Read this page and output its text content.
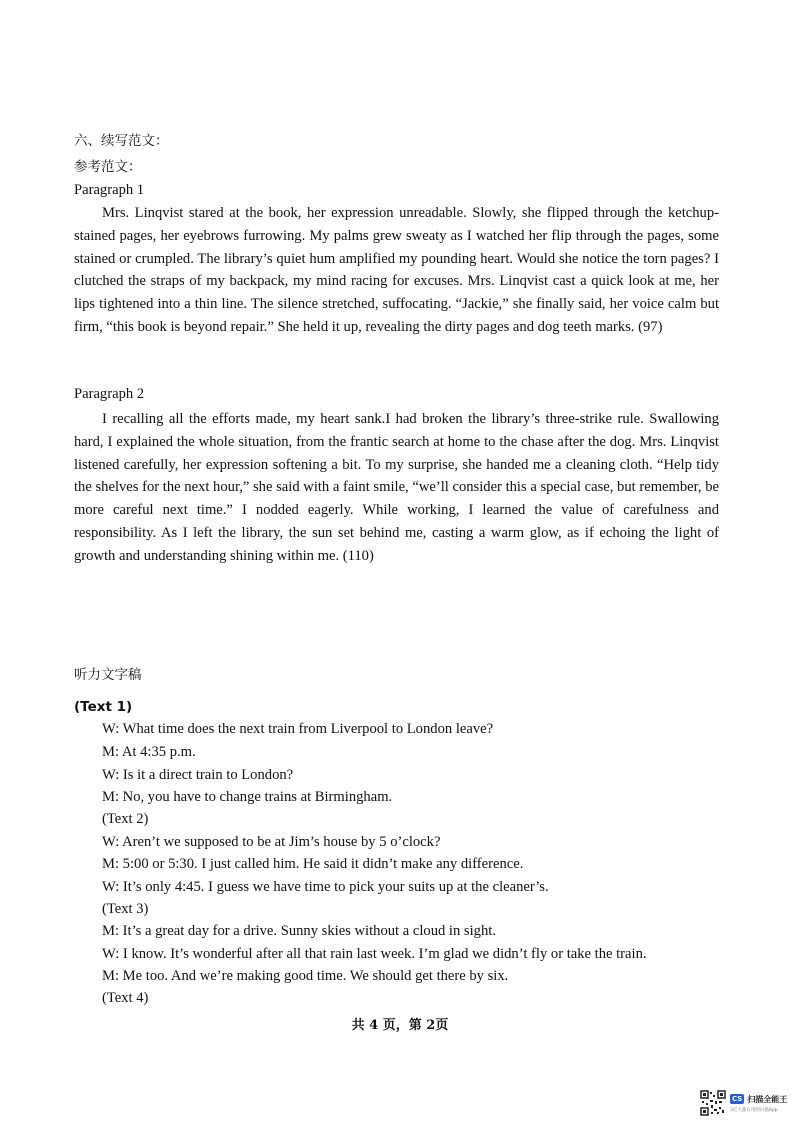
六、续写范文：
参考范文：
Paragraph 1

Mrs. Linqvist stared at the book, her expression unreadable. Slowly, she flipped through the ketchup-stained pages, her eyebrows furrowing. My palms grew sweaty as I watched her flip through the pages, some stained or crumpled. The library’s quiet hum amplified my pounding heart. Would she notice the torn pages? I clutched the straps of my backpack, my mind racing for excuses. Mrs. Linqvist cast a quick look at me, her lips tightened into a thin line. The silence stretched, suffocating. “Jackie,” she finally said, her voice calm but firm, “this book is beyond repair.” She held it up, revealing the dirty pages and dog teeth marks. (97)

Paragraph 2

I recalling all the efforts made, my heart sank.I had broken the library’s three-strike rule. Swallowing hard, I explained the whole situation, from the frantic search at home to the chase after the dog. Mrs. Linqvist listened carefully, her expression softening a bit. To my surprise, she handed me a cleaning cloth. “Help tidy the shelves for the next hour,” she said with a faint smile, “we’ll consider this a special case, but remember, be more careful next time.” I nodded eagerly. While working, I learned the value of carefulness and responsibility. As I left the library, the sun set behind me, casting a warm glow, as if echoing the light of growth and understanding shining within me. (110)

听力文字稿
(Text 1)
W: What time does the next train from Liverpool to London leave?
M: At 4:35 p.m.
W: Is it a direct train to London?
M: No, you have to change trains at Birmingham.
(Text 2)
W: Aren’t we supposed to be at Jim’s house by 5 o’clock?
M: 5:00 or 5:30. I just called him. He said it didn’t make any difference.
W: It’s only 4:45. I guess we have time to pick your suits up at the cleaner’s.
(Text 3)
M: It’s a great day for a drive. Sunny skies without a cloud in sight.
W: I know. It’s wonderful after all that rain last week. I’m glad we didn’t fly or take the train.
M: Me too. And we’re making good time. We should get there by six.
(Text 4)
共 4 页，第 2页
CS 扫描全能王
3亿人都在用的扫描App
